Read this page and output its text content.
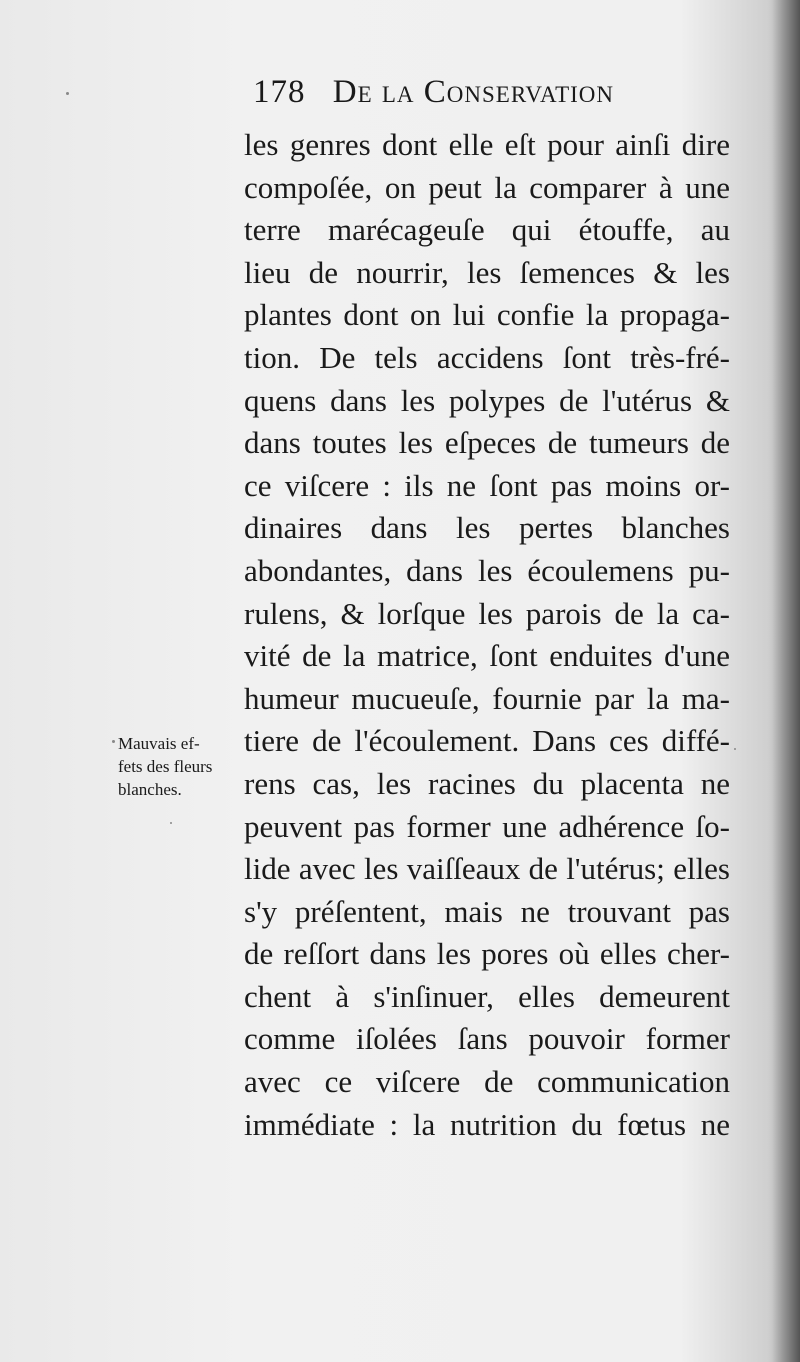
178 De la Conservation
les genres dont elle eſt pour ainſi dire
compoſée, on peut la comparer à une
terre marécageuſe qui étouffe, au
lieu de nourrir, les ſemences & les
plantes dont on lui confie la propaga-
tion. De tels accidens ſont très-fré-
quens dans les polypes de l'utérus &
dans toutes les eſpeces de tumeurs de
ce viſcere : ils ne ſont pas moins or-
dinaires dans les pertes blanches
abondantes, dans les écoulemens pu-
rulens, & lorſque les parois de la ca-
vité de la matrice, ſont enduites d'une
humeur mucueuſe, fournie par la ma-
tiere de l'écoulement. Dans ces diffé-
rens cas, les racines du placenta ne
peuvent pas former une adhérence ſo-
lide avec les vaiſſeaux de l'utérus; elles
s'y préſentent, mais ne trouvant pas
de reſſort dans les pores où elles cher-
chent à s'inſinuer, elles demeurent
comme iſolées ſans pouvoir former
avec ce viſcere de communication
immédiate : la nutrition du fœtus ne
Mauvais ef-
fets des fleurs
blanches.
